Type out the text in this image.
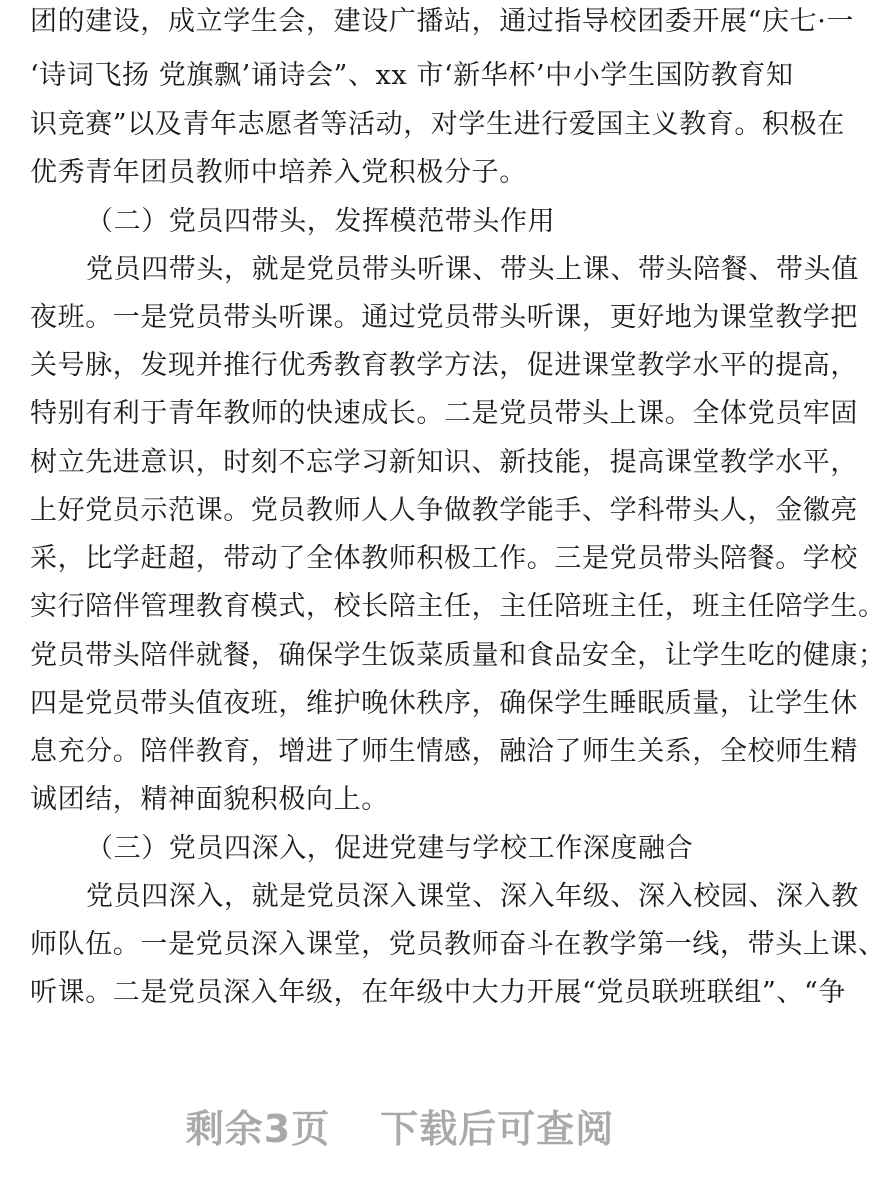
团的建设，成立学生会，建设广播站，通过指导校团委开展“庆七·一
‘诗词飞扬 党旗飘’诵诗会”、xx 市‘新华杯’中小学生国防教育知
识竞赛”以及青年志愿者等活动，对学生进行爱国主义教育。积极在
优秀青年团员教师中培养入党积极分子。
（二）党员四带头，发挥模范带头作用
党员四带头，就是党员带头听课、带头上课、带头陪餐、带头值
夜班。一是党员带头听课。通过党员带头听课，更好地为课堂教学把
关号脉，发现并推行优秀教育教学方法，促进课堂教学水平的提高，
特别有利于青年教师的快速成长。二是党员带头上课。全体党员牢固
树立先进意识，时刻不忘学习新知识、新技能，提高课堂教学水平，
上好党员示范课。党员教师人人争做教学能手、学科带头人，金徽亮
采，比学赶超，带动了全体教师积极工作。三是党员带头陪餐。学校
实行陪伴管理教育模式，校长陪主任，主任陪班主任，班主任陪学生。
党员带头陪伴就餐，确保学生饭菜质量和食品安全，让学生吃的健康；
四是党员带头值夜班，维护晚休秩序，确保学生睡眠质量，让学生休
息充分。陪伴教育，增进了师生情感，融洽了师生关系，全校师生精
诚团结，精神面貌积极向上。
（三）党员四深入，促进党建与学校工作深度融合
党员四深入，就是党员深入课堂、深入年级、深入校园、深入教
师队伍。一是党员深入课堂，党员教师奋斗在教学第一线，带头上课、
听课。二是党员深入年级，在年级中大力开展“党员联班联组”、“争
剩余3页 下载后可查阅
